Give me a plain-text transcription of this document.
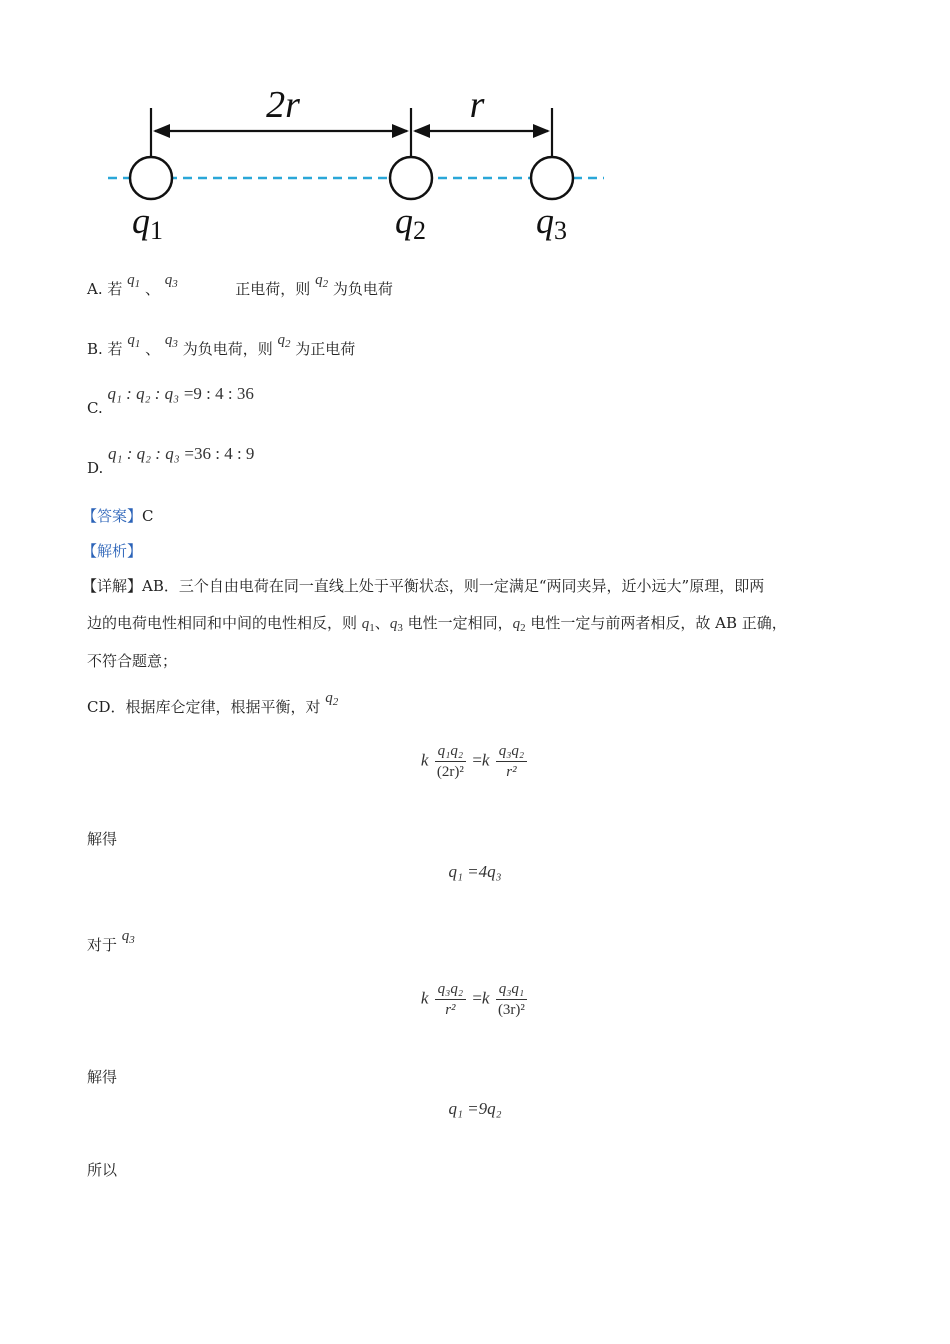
2r	r
q1	q2	q3
A. 若 $q_1$ 、 $q_3$	正电荷，则 $q_2$ 为负电荷
B. 若 $q_1$ 、 $q_3$ 为负电荷，则 $q_2$ 为正电荷
C. q₁ : q₂ : q₃ =9 : 4 : 36
D. q₁ : q₂ : q₃ =36 : 4 : 9
【答案】C
【解析】
【详解】AB．三个自由电荷在同一直线上处于平衡状态，则一定满足“两同夹异，近小远大”原理，即两
边的电荷电性相同和中间的电性相反，则 $q_1$、$q_3$ 电性一定相同，$q_2$ 电性一定与前两者相反，故 AB 正确，
不符合题意；
CD．根据库仑定律，根据平衡，对 $q_2$
k $\frac{\text{q₁q₂}}{\text{(2r)²}} =k \frac{\text{q₃q₂}}{\text{r²}}$
解得
q₁ =4q₃
对于 $q_3$
k $\frac{\text{q₃q₂}}{\text{r²}} =k \frac{\text{q₃q₁}}{\text{(3r)²}}$
解得
q₁ =9q₂
所以
